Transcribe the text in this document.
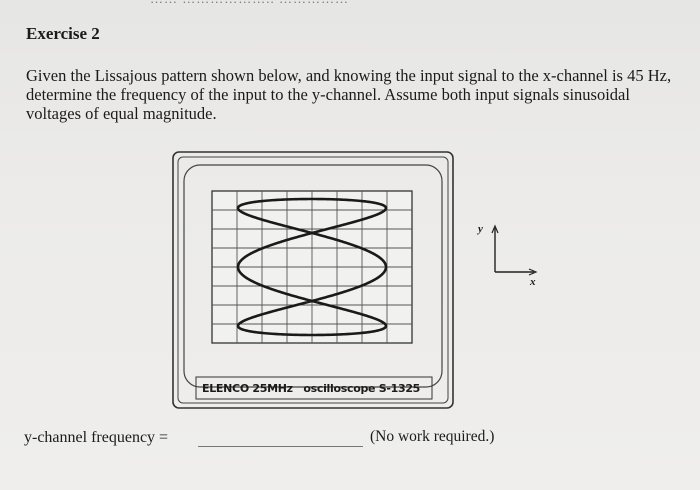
Exercise 2
Given the Lissajous pattern shown below, and knowing the input signal to the x-channel is 45 Hz, determine the frequency of the input to the y-channel. Assume both input signals sinusoidal voltages of equal magnitude.
ELENCO 25MHz   oscilloscope S-1325
y
x
y-channel frequency =	(No work required.)
